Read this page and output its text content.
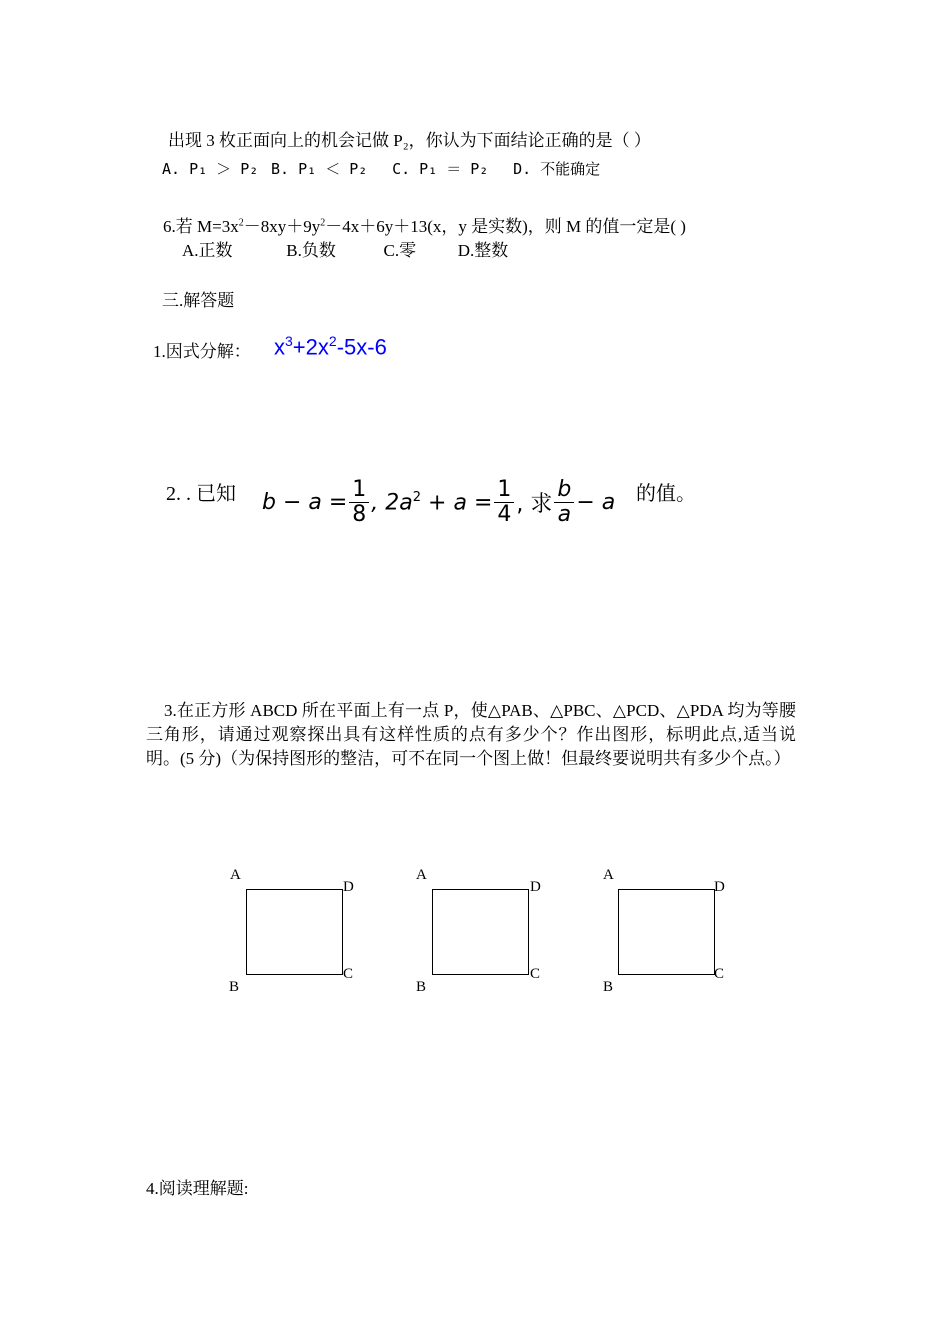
出现 3 枚正面向上的机会记做 P₂，你认为下面结论正确的是（ ）
A. P₁ ＞ P₂ B. P₁ ＜ P₂ C. P₁ ＝ P₂ D. 不能确定
6.若 $M=3x^2-8xy+9y^2-4x+6y+13(x$，y 是实数)，则 M 的值一定是( )
A.正数	B.负数	C.零 D.整数
三.解答题
1.因式分解： $x^3+2x^2-5x-6$
2. . 已知 $b - a = \frac{1}{8}$ , $2a^2 + a = \frac{1}{4}$ , 求 $\frac{b}{a} - a$ 的值。
3.在正方形 ABCD 所在平面上有一点 P，使△PAB、△PBC、△PCD、△PDA 均为等腰三角形，请通过观察探出具有这样性质的点有多少个？作出图形，标明此点,适当说明。(5 分)（为保持图形的整洁，可不在同一个图上做！但最终要说明共有多少个点。）
A
D
C
B
A
D
C
B
A
D
C
B
4.阅读理解题:
